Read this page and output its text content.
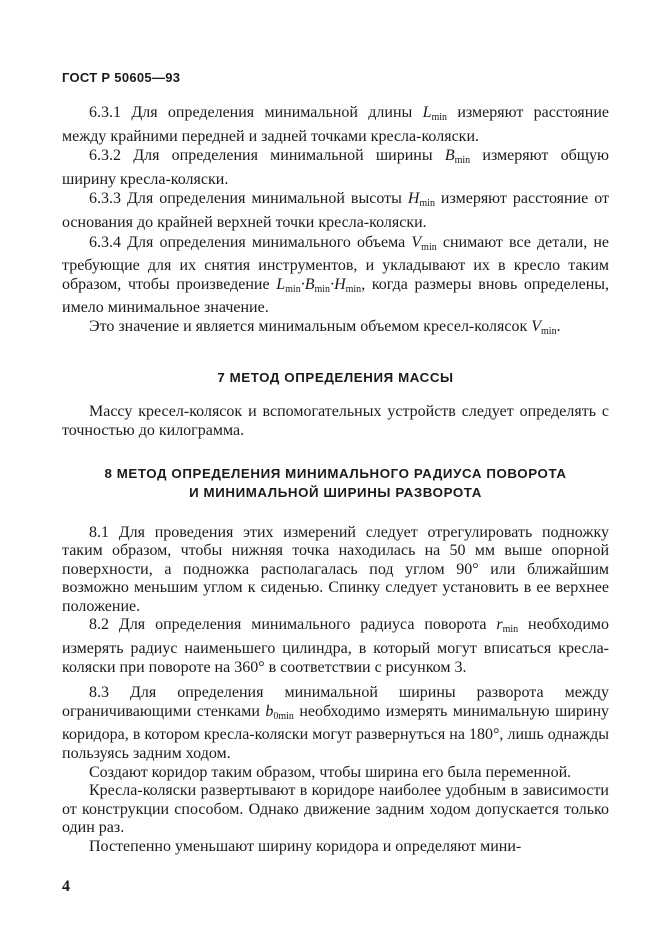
ГОСТ Р 50605—93

6.3.1 Для определения минимальной длины $L_{min}$ измеряют расстояние между крайними передней и задней точками кресла-коляски.

6.3.2 Для определения минимальной ширины $B_{min}$ измеряют общую ширину кресла-коляски.

6.3.3 Для определения минимальной высоты $H_{min}$ измеряют расстояние от основания до крайней верхней точки кресла-коляски.

6.3.4 Для определения минимального объема $V_{min}$ снимают все детали, не требующие для их снятия инструментов, и укладывают их в кресло таким образом, чтобы произведение $L_{min}\cdot B_{min}\cdot H_{min}$, когда размеры вновь определены, имело минимальное значение.

Это значение и является минимальным объемом кресел-колясок $V_{min}$.

7 МЕТОД ОПРЕДЕЛЕНИЯ МАССЫ

Массу кресел-колясок и вспомогательных устройств следует определять с точностью до килограмма.

8 МЕТОД ОПРЕДЕЛЕНИЯ МИНИМАЛЬНОГО РАДИУСА ПОВОРОТА
И МИНИМАЛЬНОЙ ШИРИНЫ РАЗВОРОТА

8.1 Для проведения этих измерений следует отрегулировать подножку таким образом, чтобы нижняя точка находилась на 50 мм выше опорной поверхности, а подножка располагалась под углом 90° или ближайшим возможно меньшим углом к сиденью. Спинку следует установить в ее верхнее положение.

8.2 Для определения минимального радиуса поворота $r_{min}$ необходимо измерять радиус наименьшего цилиндра, в который могут вписаться кресла-коляски при повороте на 360° в соответствии с рисунком 3.

8.3 Для определения минимальной ширины разворота между ограничивающими стенками $b_{0min}$ необходимо измерять минимальную ширину коридора, в котором кресла-коляски могут развернуться на 180°, лишь однажды пользуясь задним ходом.

Создают коридор таким образом, чтобы ширина его была переменной.

Кресла-коляски развертывают в коридоре наиболее удобным в зависимости от конструкции способом. Однако движение задним ходом допускается только один раз.

Постепенно уменьшают ширину коридора и определяют мини-

4
